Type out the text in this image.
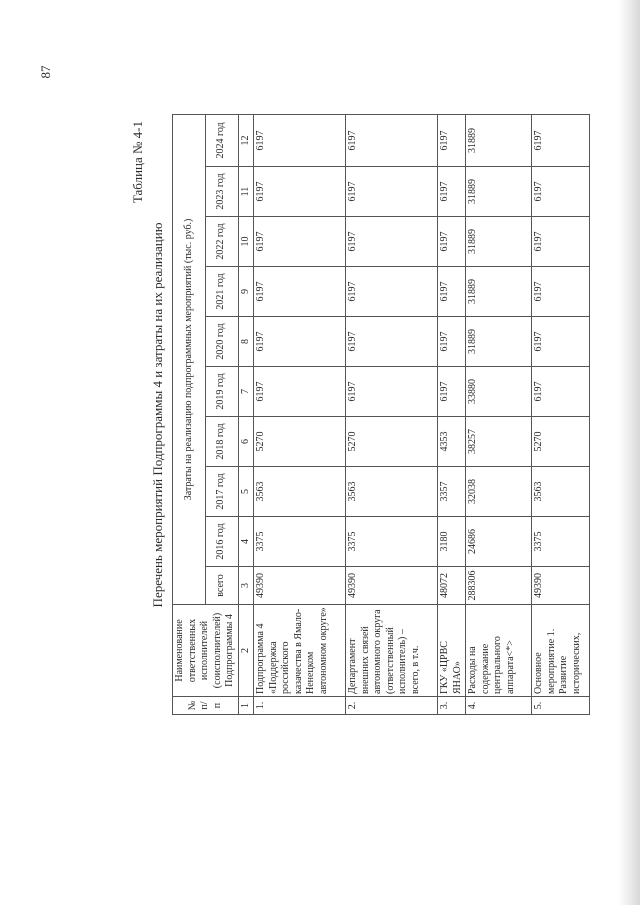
87
Таблица № 4-1
Перечень мероприятий Подпрограммы 4 и затраты на их реализацию
№ п/п	Наименование ответственных исполнителей (соисполнителей) Подпрограммы 4	Затраты на реализацию подпрограммных мероприятий (тыс. руб.)									
		всего	2016 год	2017 год	2018 год	2019 год	2020 год	2021 год	2022 год	2023 год	2024 год
1	2	3	4	5	6	7	8	9	10	11	12
1.	Подпрограмма 4 «Поддержка российского казачества в Ямало-Ненецком автономном округе»	49390	3375	3563	5270	6197	6197	6197	6197	6197	6197
2.	Департамент внешних связей автономного округа (ответственный исполнитель) – всего, в т.ч.	49390	3375	3563	5270	6197	6197	6197	6197	6197	6197
3.	ГКУ «ЦРВС ЯНАО»	48072	3180	3357	4353	6197	6197	6197	6197	6197	6197
4.	Расходы на содержание центрального аппарата<*>	288306	24686	32038	38257	33880	31889	31889	31889	31889	31889
5.	Основное мероприятие 1. Развитие исторических,	49390	3375	3563	5270	6197	6197	6197	6197	6197	6197
